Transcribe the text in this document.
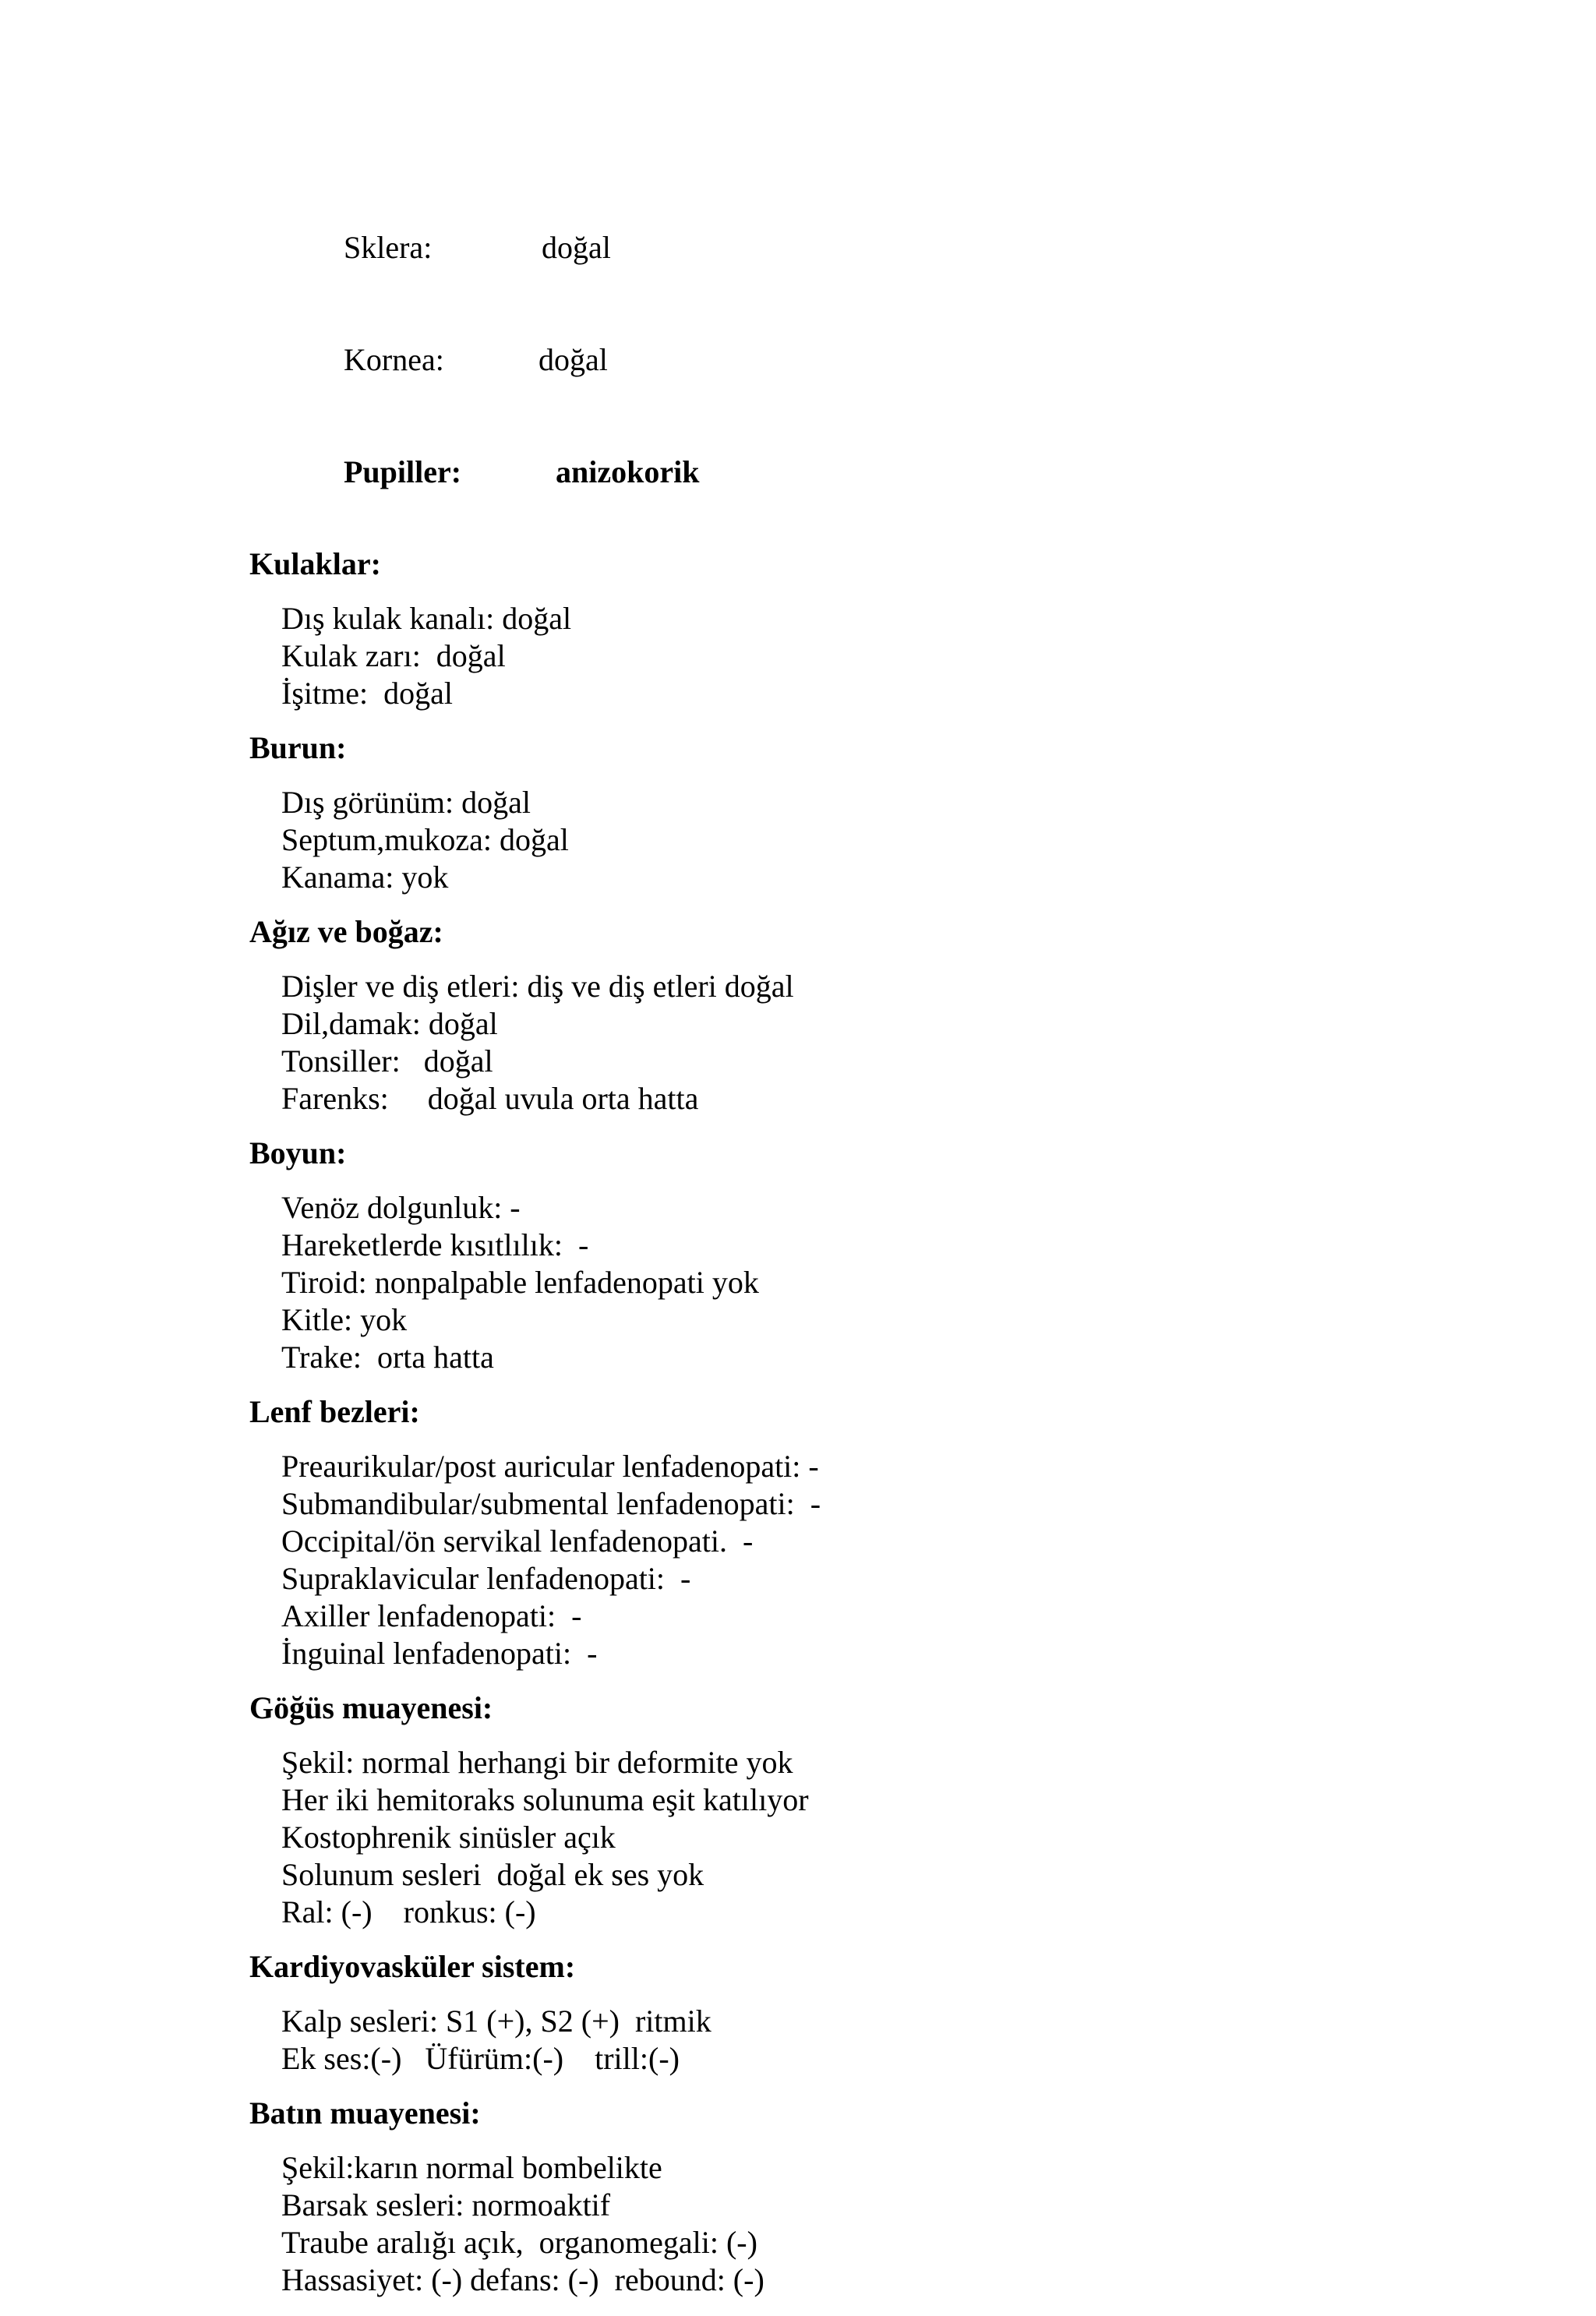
Sklera:	doğal

Kornea:	doğal

Pupiller:	anizokorik

Kulaklar:
Dış kulak kanalı: doğal
Kulak zarı:  doğal
İşitme:  doğal
Burun:
Dış görünüm: doğal
Septum,mukoza: doğal
Kanama: yok
Ağız ve boğaz:
Dişler ve diş etleri: diş ve diş etleri doğal
Dil,damak: doğal
Tonsiller:   doğal
Farenks:     doğal uvula orta hatta
Boyun:
Venöz dolgunluk: -
Hareketlerde kısıtlılık:  -
Tiroid: nonpalpable lenfadenopati yok
Kitle: yok
Trake:  orta hatta
Lenf bezleri:
Preaurikular/post auricular lenfadenopati: -
Submandibular/submental lenfadenopati:  -
Occipital/ön servikal lenfadenopati.  -
Supraklavicular lenfadenopati:  -
Axiller lenfadenopati:  -
İnguinal lenfadenopati:  -
Göğüs muayenesi:
Şekil: normal herhangi bir deformite yok
Her iki hemitoraks solunuma eşit katılıyor
Kostophrenik sinüsler açık
Solunum sesleri  doğal ek ses yok
Ral: (-)    ronkus: (-)
Kardiyovasküler sistem:
Kalp sesleri: S1 (+), S2 (+)  ritmik
Ek ses:(-)   Üfürüm:(-)    trill:(-)
Batın muayenesi:
Şekil:karın normal bombelikte
Barsak sesleri: normoaktif
Traube aralığı açık,  organomegali: (-)
Hassasiyet: (-) defans: (-)  rebound: (-)
